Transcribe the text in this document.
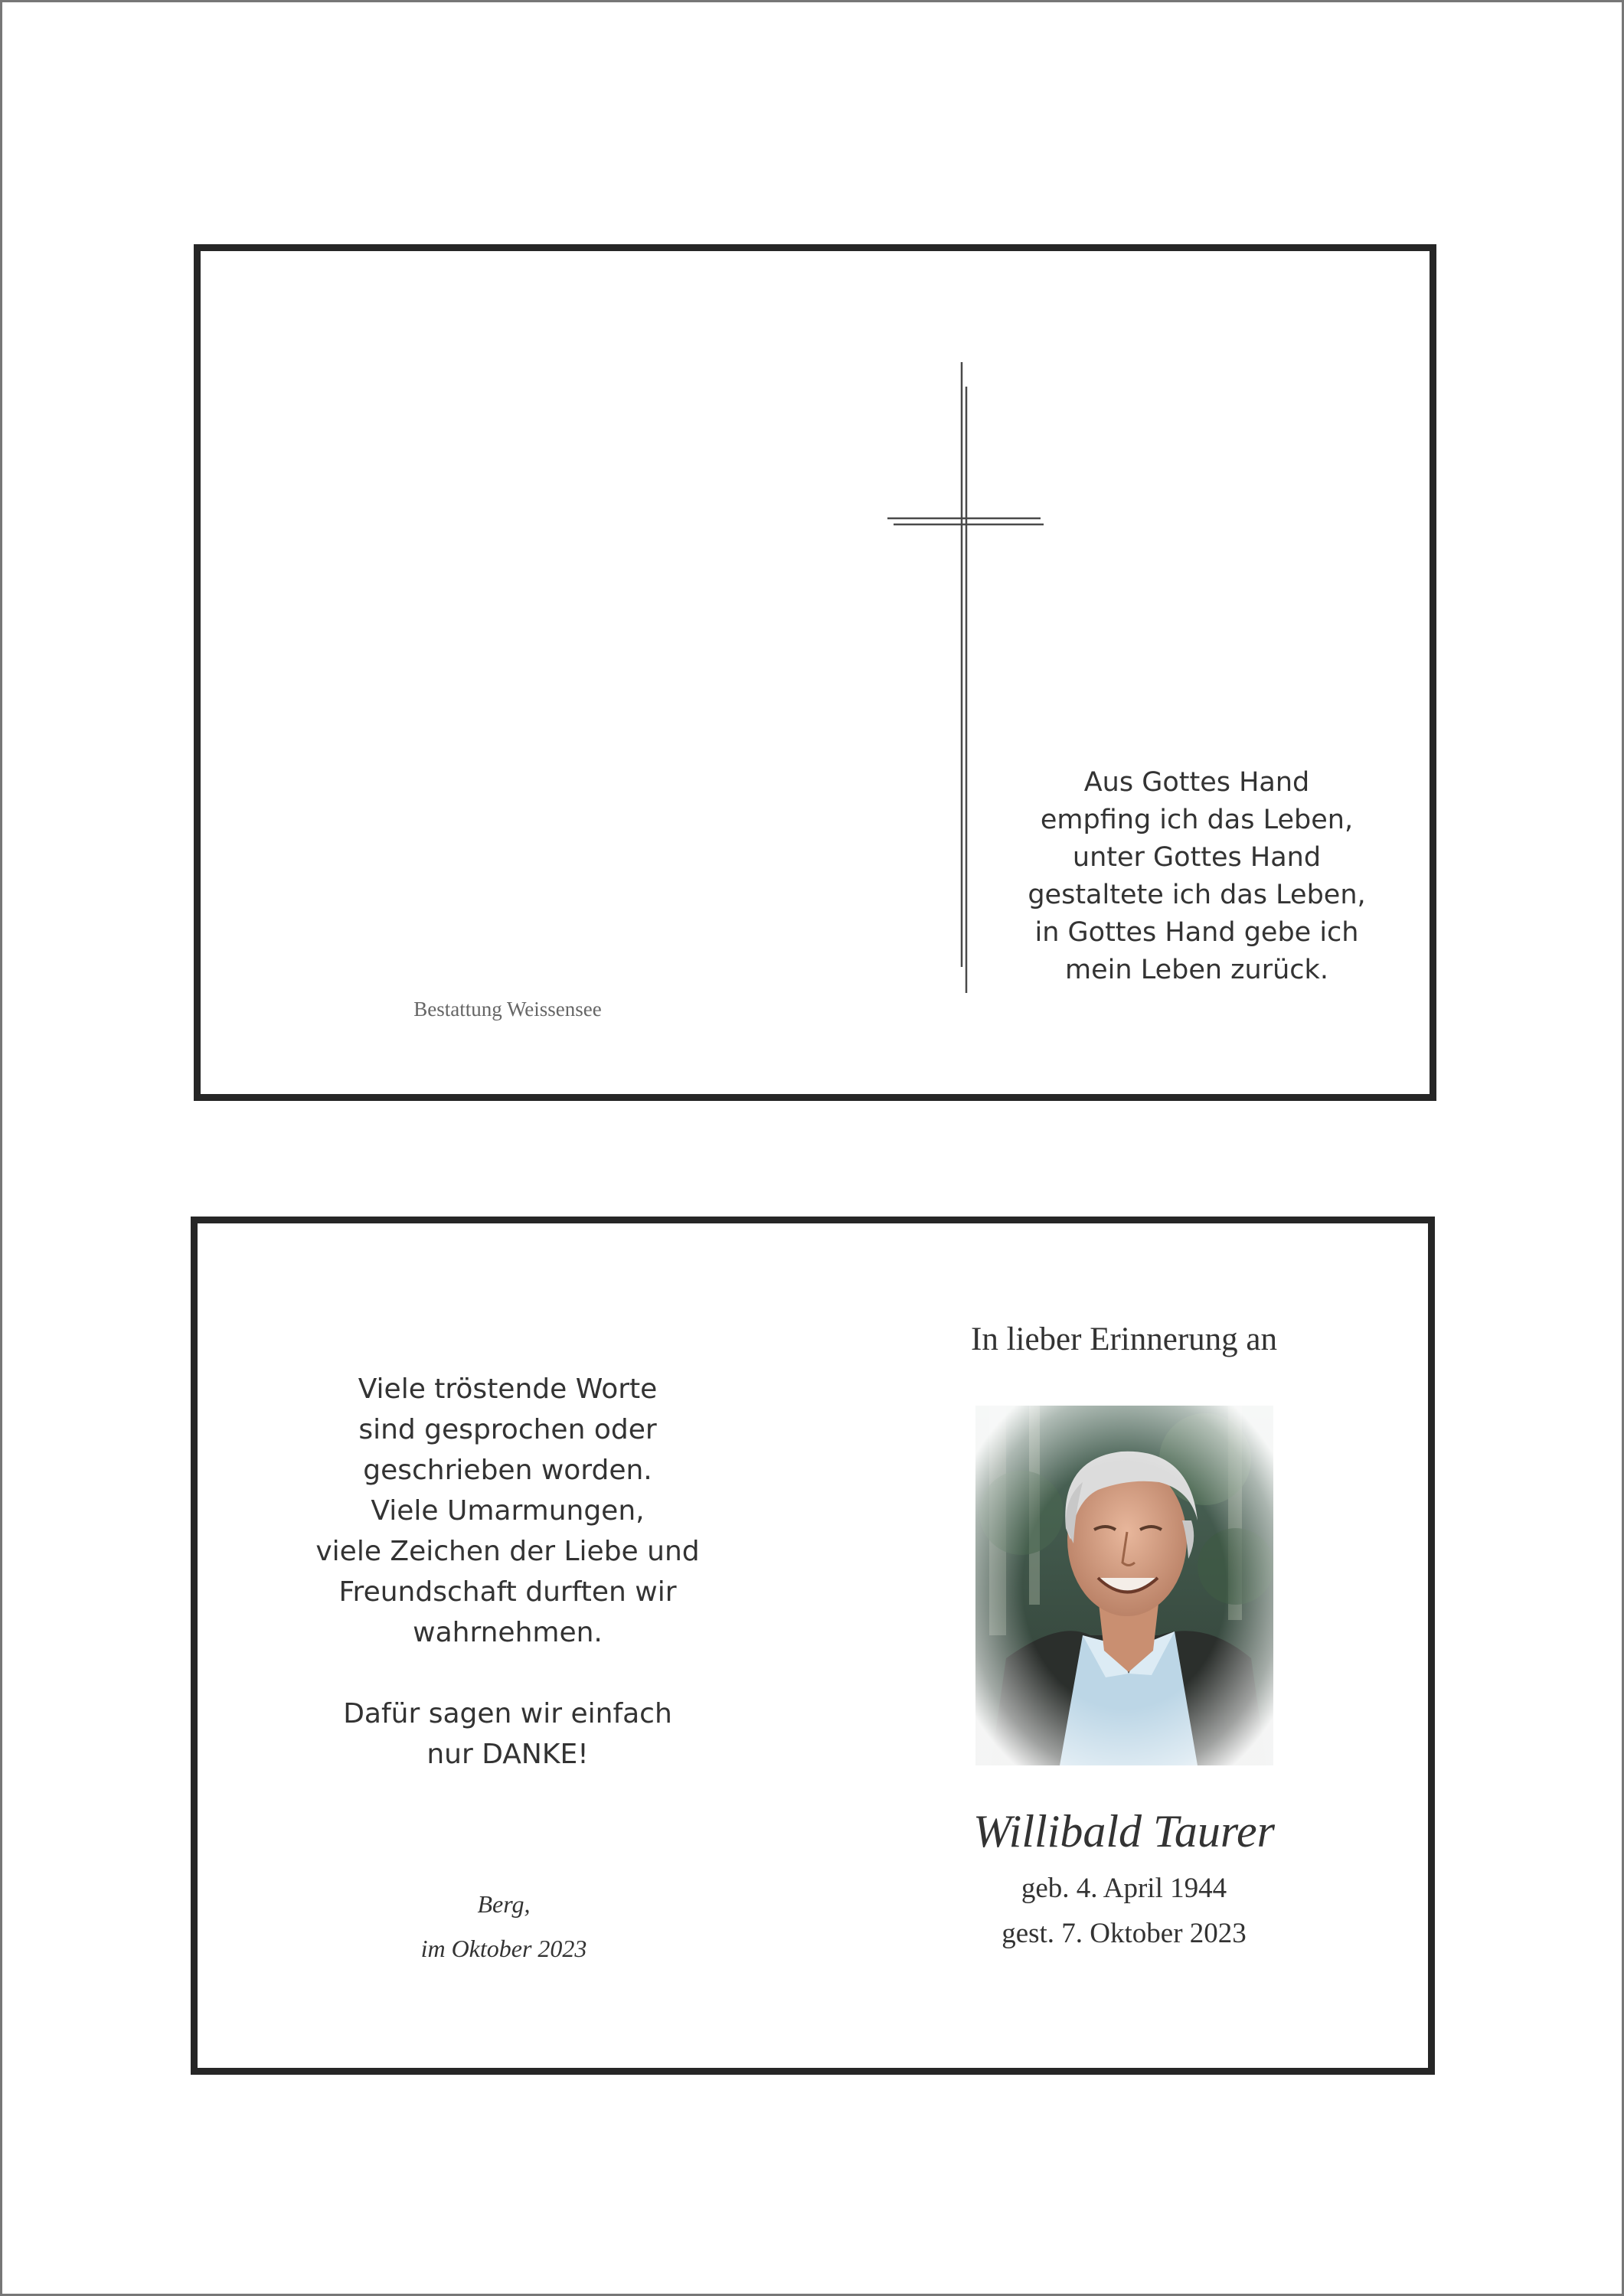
Aus Gottes Hand
empfing ich das Leben,
unter Gottes Hand
gestaltete ich das Leben,
in Gottes Hand gebe ich
mein Leben zurück.
Bestattung Weissensee
Viele tröstende Worte
sind gesprochen oder
geschrieben worden.
Viele Umarmungen,
viele Zeichen der Liebe und
Freundschaft durften wir
wahrnehmen.
Dafür sagen wir einfach
nur DANKE!
Berg,
im Oktober 2023
In lieber Erinnerung an
Willibald Taurer
geb. 4. April 1944
gest. 7. Oktober 2023
